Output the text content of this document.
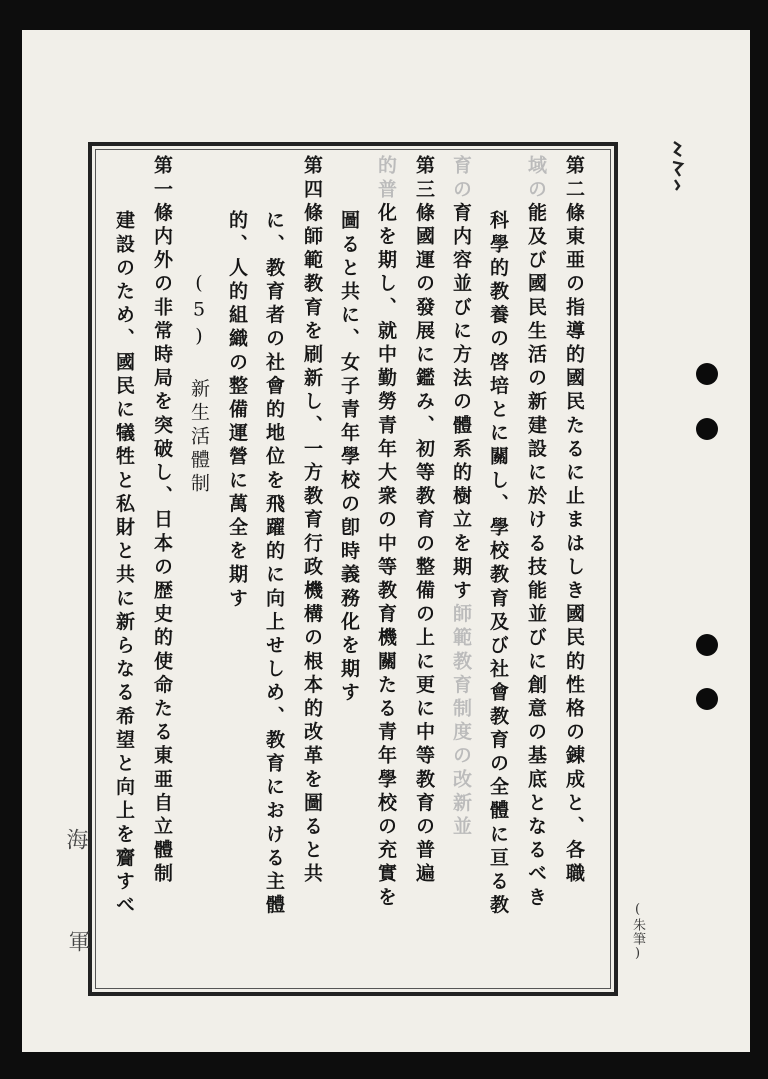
海
軍	(朱筆)
第二條東亜の指導的國民たるに止まはしき國民的性格の錬成と、各職
域の能及び國民生活の新建設に於ける技能並びに創意の基底となるべき
科學的教養の啓培とに關し、學校教育及び社會教育の全體に亘る教
育の育内容並びに方法の體系的樹立を期す師範教育制度の改新並
第三條國運の發展に鑑み、初等教育の整備の上に更に中等教育の普遍
的普化を期し、就中勤勞青年大衆の中等教育機關たる青年學校の充實を
圖ると共に、女子青年學校の卽時義務化を期す
第四條師範教育を刷新し、一方教育行政機構の根本的改革を圖ると共
に、教育者の社會的地位を飛躍的に向上せしめ、教育における主體
的、人的組織の整備運營に萬全を期す
(5) 新生活體制
第一條内外の非常時局を突破し、日本の歴史的使命たる東亜自立體制
建設のため、國民に犠牲と私財と共に新らなる希望と向上を齎すべ
